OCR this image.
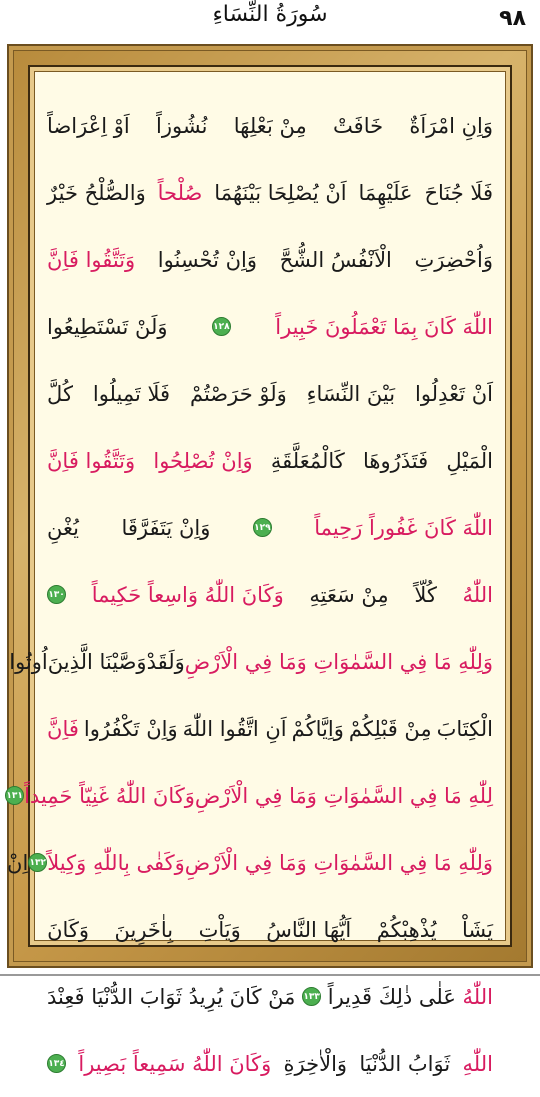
سُورَةُ النِّسَاءِ	٩٨
وَاِنِ امْرَاَةٌ
خَافَتْ
مِنْ بَعْلِهَا
نُشُوزاً
اَوْ اِعْرَاضاً
فَلَا جُنَاحَ
عَلَيْهِمَا
اَنْ يُصْلِحَا بَيْنَهُمَا
صُلْحاً
وَالصُّلْحُ خَيْرٌ
وَاُحْضِرَتِ
الْاَنْفُسُ الشُّحَّ
وَاِنْ تُحْسِنُوا
وَتَتَّقُوا فَاِنَّ
اللّٰهَ كَانَ بِمَا تَعْمَلُونَ خَبِيراً
١٢٨
وَلَنْ تَسْتَطِيعُوا
اَنْ تَعْدِلُوا
بَيْنَ النِّسَاءِ
وَلَوْ حَرَصْتُمْ
فَلَا تَمِيلُوا
كُلَّ
الْمَيْلِ
فَتَذَرُوهَا
كَالْمُعَلَّقَةِ
وَاِنْ تُصْلِحُوا
وَتَتَّقُوا فَاِنَّ
اللّٰهَ كَانَ غَفُوراً رَحِيماً
١٢٩
وَاِنْ يَتَفَرَّقَا
يُغْنِ
اللّٰهُ
كُلّاً
مِنْ سَعَتِهِ
وَكَانَ اللّٰهُ وَاسِعاً حَكِيماً
١٣٠
وَلِلّٰهِ مَا فِي السَّمٰوَاتِ وَمَا فِي الْاَرْضِ
وَلَقَدْ
وَصَّيْنَا الَّذِينَ
اُوتُوا
الْكِتَابَ
مِنْ قَبْلِكُمْ
وَاِيَّاكُمْ
اَنِ اتَّقُوا اللّٰهَ
وَاِنْ تَكْفُرُوا
فَاِنَّ
لِلّٰهِ مَا فِي السَّمٰوَاتِ وَمَا فِي الْاَرْضِ
وَكَانَ اللّٰهُ غَنِيّاً حَمِيداً
١٣١
وَلِلّٰهِ مَا فِي السَّمٰوَاتِ وَمَا فِي الْاَرْضِ
وَكَفٰى بِاللّٰهِ وَكِيلاً
١٣٢
اِنْ
يَشَاْ
يُذْهِبْكُمْ
اَيُّهَا النَّاسُ
وَيَاْتِ
بِاٰخَرِينَ
وَكَانَ
اللّٰهُ
عَلٰى ذٰلِكَ قَدِيراً
١٣٣
مَنْ كَانَ يُرِيدُ
ثَوَابَ الدُّنْيَا
فَعِنْدَ
اللّٰهِ
ثَوَابُ الدُّنْيَا
وَالْاٰخِرَةِ
وَكَانَ اللّٰهُ سَمِيعاً بَصِيراً
١٣٤
